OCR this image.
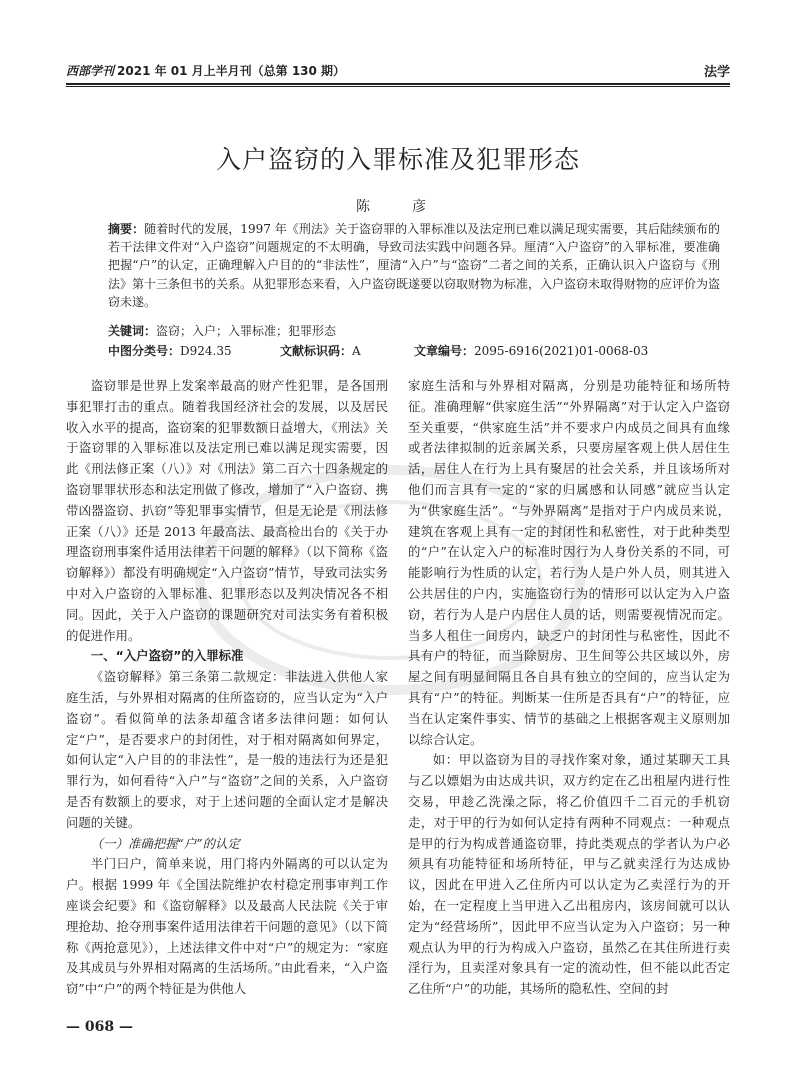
西部学刊 2021 年 01 月上半月刊（总第 130 期）	法学
入户盗窃的入罪标准及犯罪形态
陈　彦
摘要：随着时代的发展，1997 年《刑法》关于盗窃罪的入罪标准以及法定刑已难以满足现实需要，其后陆续颁布的若干法律文件对“入户盗窃”问题规定的不太明确，导致司法实践中问题各异。厘清“入户盗窃”的入罪标准，要准确把握“户”的认定，正确理解入户目的的“非法性”，厘清“入户”与“盗窃”二者之间的关系，正确认识入户盗窃与《刑法》第十三条但书的关系。从犯罪形态来看，入户盗窃既遂要以窃取财物为标准，入户盗窃未取得财物的应评价为盗窃未遂。
关键词：盗窃；入户；入罪标准；犯罪形态
中图分类号：D924.35	文献标识码：A	文章编号：2095-6916(2021)01-0068-03

盗窃罪是世界上发案率最高的财产性犯罪，是各国刑事犯罪打击的重点。随着我国经济社会的发展，以及居民收入水平的提高，盗窃案的犯罪数额日益增大，《刑法》关于盗窃罪的入罪标准以及法定刑已难以满足现实需要，因此《刑法修正案（八）》对《刑法》第二百六十四条规定的盗窃罪罪状形态和法定刑做了修改，增加了“入户盗窃、携带凶器盗窃、扒窃”等犯罪事实情节，但是无论是《刑法修正案（八）》还是 2013 年最高法、最高检出台的《关于办理盗窃刑事案件适用法律若干问题的解释》（以下简称《盗窃解释》）都没有明确规定“入户盗窃”情节，导致司法实务中对入户盗窃的入罪标准、犯罪形态以及判决情况各不相同。因此，关于入户盗窃的课题研究对司法实务有着积极的促进作用。

一、“入户盗窃”的入罪标准

《盗窃解释》第三条第二款规定：非法进入供他人家庭生活，与外界相对隔离的住所盗窃的，应当认定为“入户盗窃”。看似简单的法条却蕴含诸多法律问题：如何认定“户”，是否要求户的封闭性，对于相对隔离如何界定，如何认定“入户目的的非法性”，是一般的违法行为还是犯罪行为，如何看待“入户”与“盗窃”之间的关系，入户盗窃是否有数额上的要求，对于上述问题的全面认定才是解决问题的关键。

（一）准确把握“户”的认定

半门曰户，简单来说，用门将内外隔离的可以认定为户。根据 1999 年《全国法院维护农村稳定刑事审判工作座谈会纪要》和《盗窃解释》以及最高人民法院《关于审理抢劫、抢夺刑事案件适用法律若干问题的意见》（以下简称《两抢意见》），上述法律文件中对“户”的规定为：“家庭及其成员与外界相对隔离的生活场所。”由此看来，“入户盗窃”中“户”的两个特征是为供他人

家庭生活和与外界相对隔离，分别是功能特征和场所特征。准确理解“供家庭生活”“外界隔离”对于认定入户盗窃至关重要，“供家庭生活”并不要求户内成员之间具有血缘或者法律拟制的近亲属关系，只要房屋客观上供人居住生活，居住人在行为上具有聚居的社会关系，并且该场所对他们而言具有一定的“家的归属感和认同感”就应当认定为“供家庭生活”。“与外界隔离”是指对于户内成员来说，建筑在客观上具有一定的封闭性和私密性，对于此种类型的“户”在认定入户的标准时因行为人身份关系的不同，可能影响行为性质的认定，若行为人是户外人员，则其进入公共居住的户内，实施盗窃行为的情形可以认定为入户盗窃，若行为人是户内居住人员的话，则需要视情况而定。当多人租住一间房内，缺乏户的封闭性与私密性，因此不具有户的特征，而当除厨房、卫生间等公共区域以外，房屋之间有明显间隔且各自具有独立的空间的，应当认定为具有“户”的特征。判断某一住所是否具有“户”的特征，应当在认定案件事实、情节的基础之上根据客观主义原则加以综合认定。

如：甲以盗窃为目的寻找作案对象，通过某聊天工具与乙以嫖娼为由达成共识，双方约定在乙出租屋内进行性交易，甲趁乙洗澡之际，将乙价值四千二百元的手机窃走，对于甲的行为如何认定持有两种不同观点：一种观点是甲的行为构成普通盗窃罪，持此类观点的学者认为户必须具有功能特征和场所特征，甲与乙就卖淫行为达成协议，因此在甲进入乙住所内可以认定为乙卖淫行为的开始，在一定程度上当甲进入乙出租房内，该房间就可以认定为“经营场所”，因此甲不应当认定为入户盗窃；另一种观点认为甲的行为构成入户盗窃，虽然乙在其住所进行卖淫行为，且卖淫对象具有一定的流动性，但不能以此否定乙住所“户”的功能，其场所的隐私性、空间的封

— 068 —
